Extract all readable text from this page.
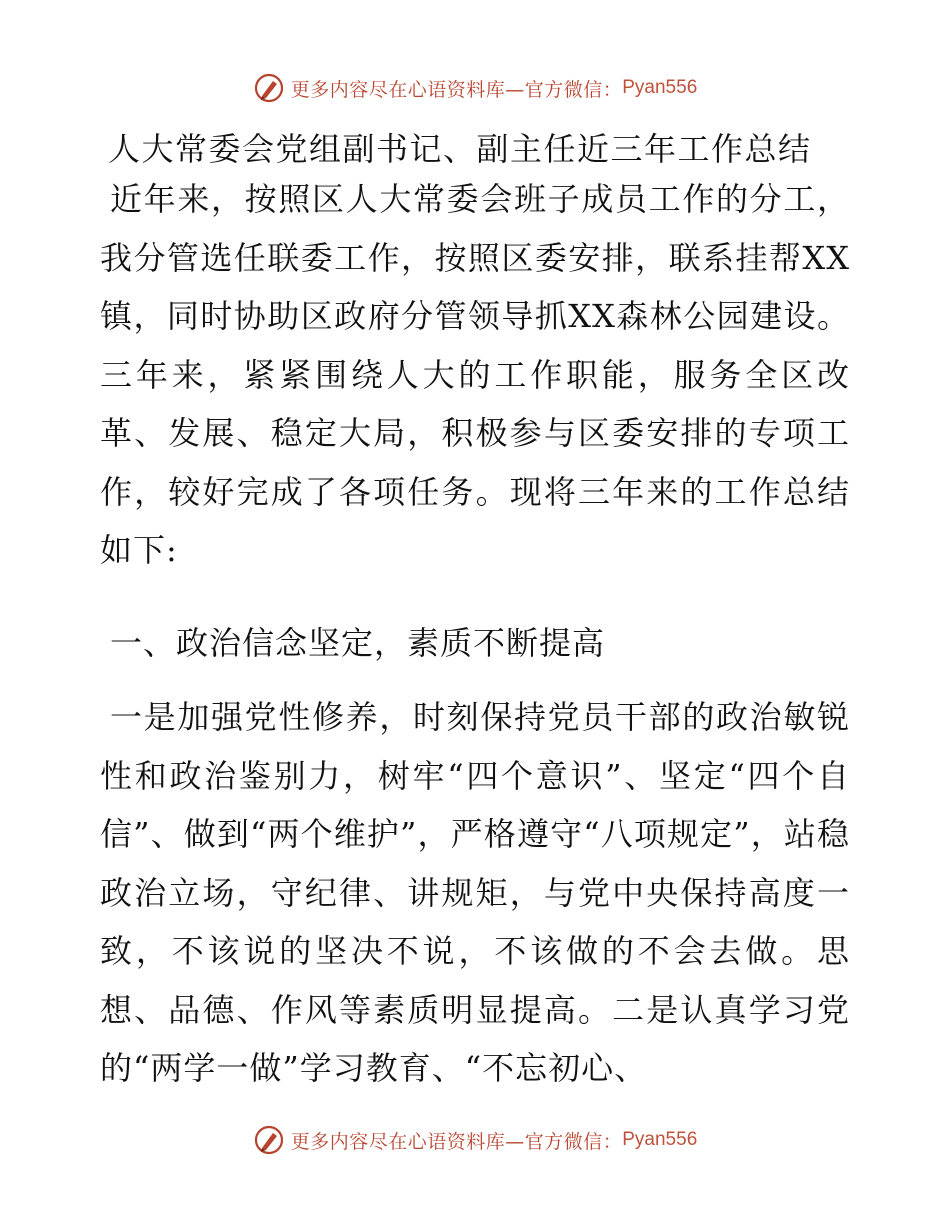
更多内容尽在心语资料库—官方微信： Pyan556
人大常委会党组副书记、副主任近三年工作总结

近年来，按照区人大常委会班子成员工作的分工，我分管选任联委工作，按照区委安排，联系挂帮XX镇，同时协助区政府分管领导抓XX森林公园建设。三年来，紧紧围绕人大的工作职能，服务全区改革、发展、稳定大局，积极参与区委安排的专项工作，较好完成了各项任务。现将三年来的工作总结如下:

一、政治信念坚定，素质不断提高

一是加强党性修养，时刻保持党员干部的政治敏锐性和政治鉴别力，树牢“四个意识”、坚定“四个自信”、做到“两个维护”，严格遵守“八项规定”，站稳政治立场，守纪律、讲规矩，与党中央保持高度一致，不该说的坚决不说，不该做的不会去做。思想、品德、作风等素质明显提高。二是认真学习党的“两学一做”学习教育、“不忘初心、

更多内容尽在心语资料库—官方微信： Pyan556
